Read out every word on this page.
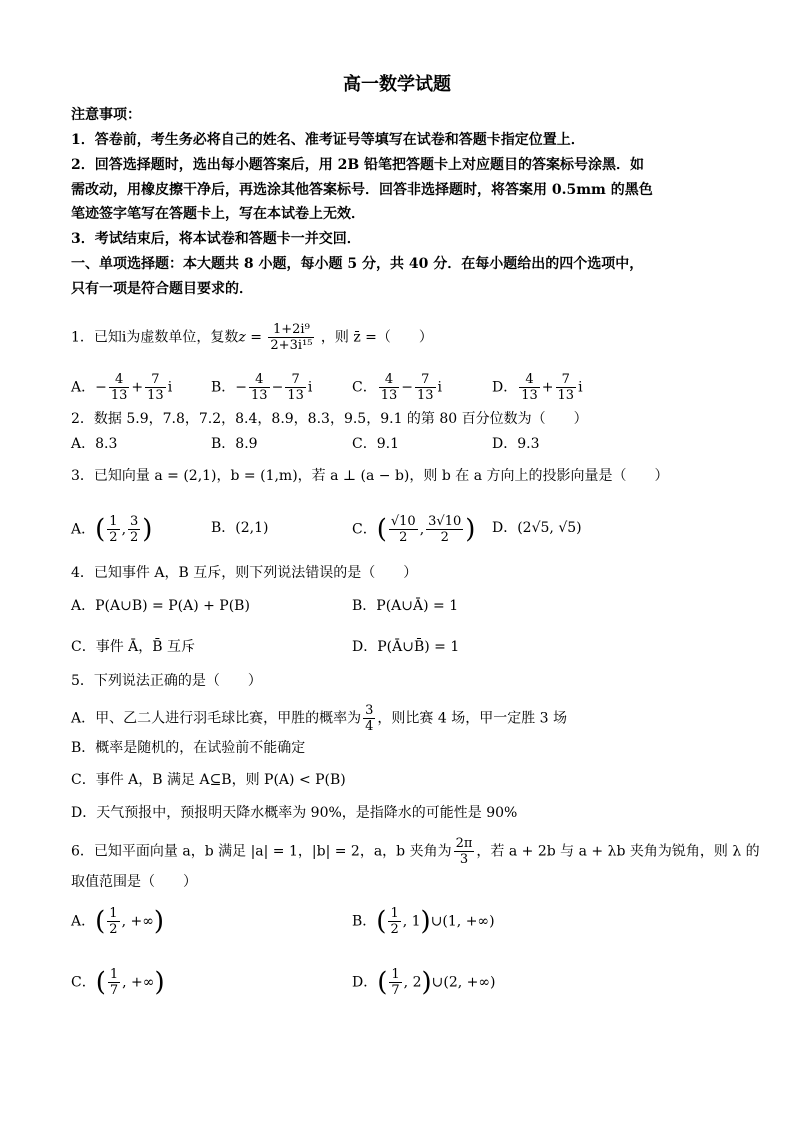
高一数学试题
注意事项：
1．答卷前，考生务必将自己的姓名、准考证号等填写在试卷和答题卡指定位置上．
2．回答选择题时，选出每小题答案后，用 2B 铅笔把答题卡上对应题目的答案标号涂黑．如
需改动，用橡皮擦干净后，再选涂其他答案标号．回答非选择题时，将答案用 0.5mm 的黑色
笔迹签字笔写在答题卡上，写在本试卷上无效．
3．考试结束后，将本试卷和答题卡一并交回．
一、单项选择题：本大题共 8 小题，每小题 5 分，共 40 分．在每小题给出的四个选项中，
只有一项是符合题目要求的．
1．已知i为虚数单位，复数$z = \frac{\text{1+2i⁹}}{\text{2+3i¹⁵}}$ ，则 z̄ =（　　）
A．− $\frac{4}{13} + \frac{7}{13}$ i	B．− $\frac{4}{13} - \frac{7}{13}$ i	C． $\frac{4}{13} - \frac{7}{13}$ i	D． $\frac{4}{13} + \frac{7}{13}$ i
2．数据 5.9，7.8，7.2，8.4，8.9，8.3，9.5，9.1 的第 80 百分位数为（　　）
A．8.3	B．8.9	C．9.1	D．9.3
3．已知向量 a = (2,1)，b = (1,m)，若 a ⊥ (a − b)，则 b 在 a 方向上的投影向量是（　　）
A．( $\frac{1}{2}$ , $\frac{3}{2}$ )	B．(2,1)	C．( $\frac{√10}{2}$ , $\frac{3√10}{2}$ ) D．(2√5, √5)
4．已知事件 A，B 互斥，则下列说法错误的是（　　）
A．P(A∪B) = P(A) + P(B)	B．P(A∪Ā) = 1
C．事件 Ā，B̄ 互斥	D．P(Ā∪B̄) = 1
5．下列说法正确的是（　　）
A．甲、乙二人进行羽毛球比赛，甲胜的概率为 $\frac{3}{4}$ ，则比赛 4 场，甲一定胜 3 场
B．概率是随机的，在试验前不能确定
C．事件 A，B 满足 A⊆B，则 P(A) < P(B)
D．天气预报中，预报明天降水概率为 90%，是指降水的可能性是 90%
6．已知平面向量 a，b 满足 |a| = 1，|b| = 2，a，b 夹角为 $\frac{2\pi}{3}$ ，若 a + 2b 与 a + λb 夹角为锐角，则 λ 的
取值范围是（　　）
A．( $\frac{1}{2}$ , +∞)	B．( $\frac{1}{2}$ , 1)∪(1, +∞)
C．( $\frac{1}{7}$ , +∞)	D．( $\frac{1}{7}$ , 2)∪(2, +∞)
